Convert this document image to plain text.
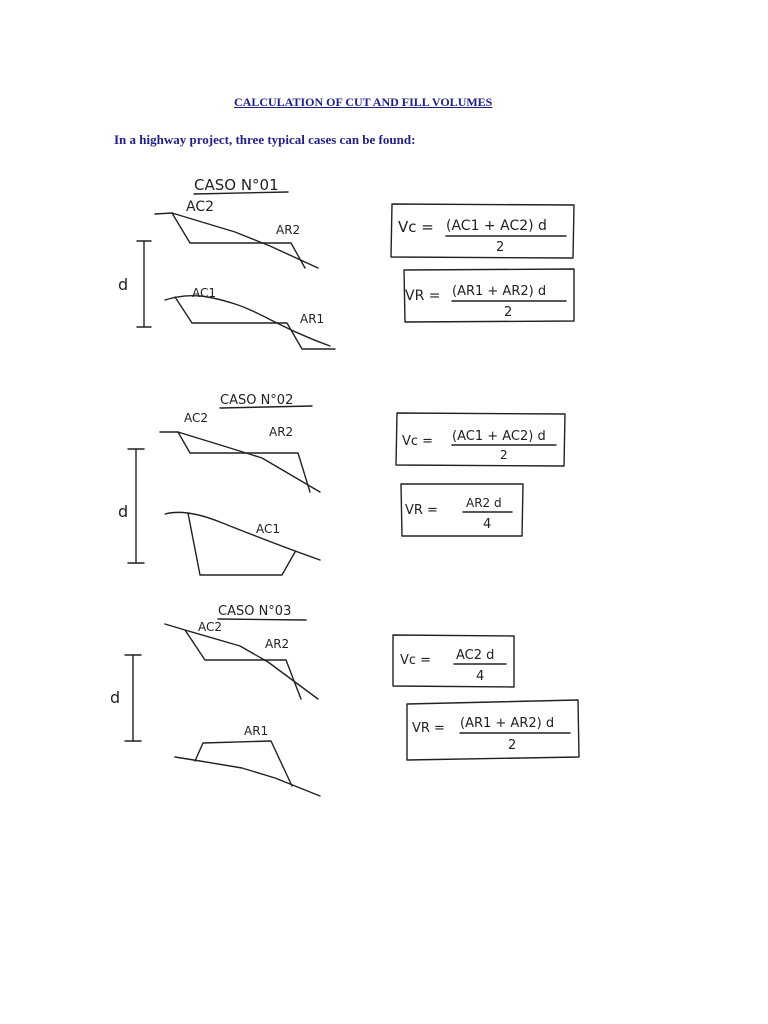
CALCULATION OF CUT AND FILL VOLUMES
In a highway project, three typical cases can be found:
CASO N°01
AC2
AR2
AC1
AR1
d
Vc = (AC1 + AC2) d
2
VR = (AR1 + AR2) d
2
CASO N°02
AC2
AR2
AC1
d
Vc = (AC1 + AC2) d
2
VR = AR2 d
4
CASO N°03
AC2
AR2
AR1
d
Vc = AC2 d
4
VR = (AR1 + AR2) d
2
